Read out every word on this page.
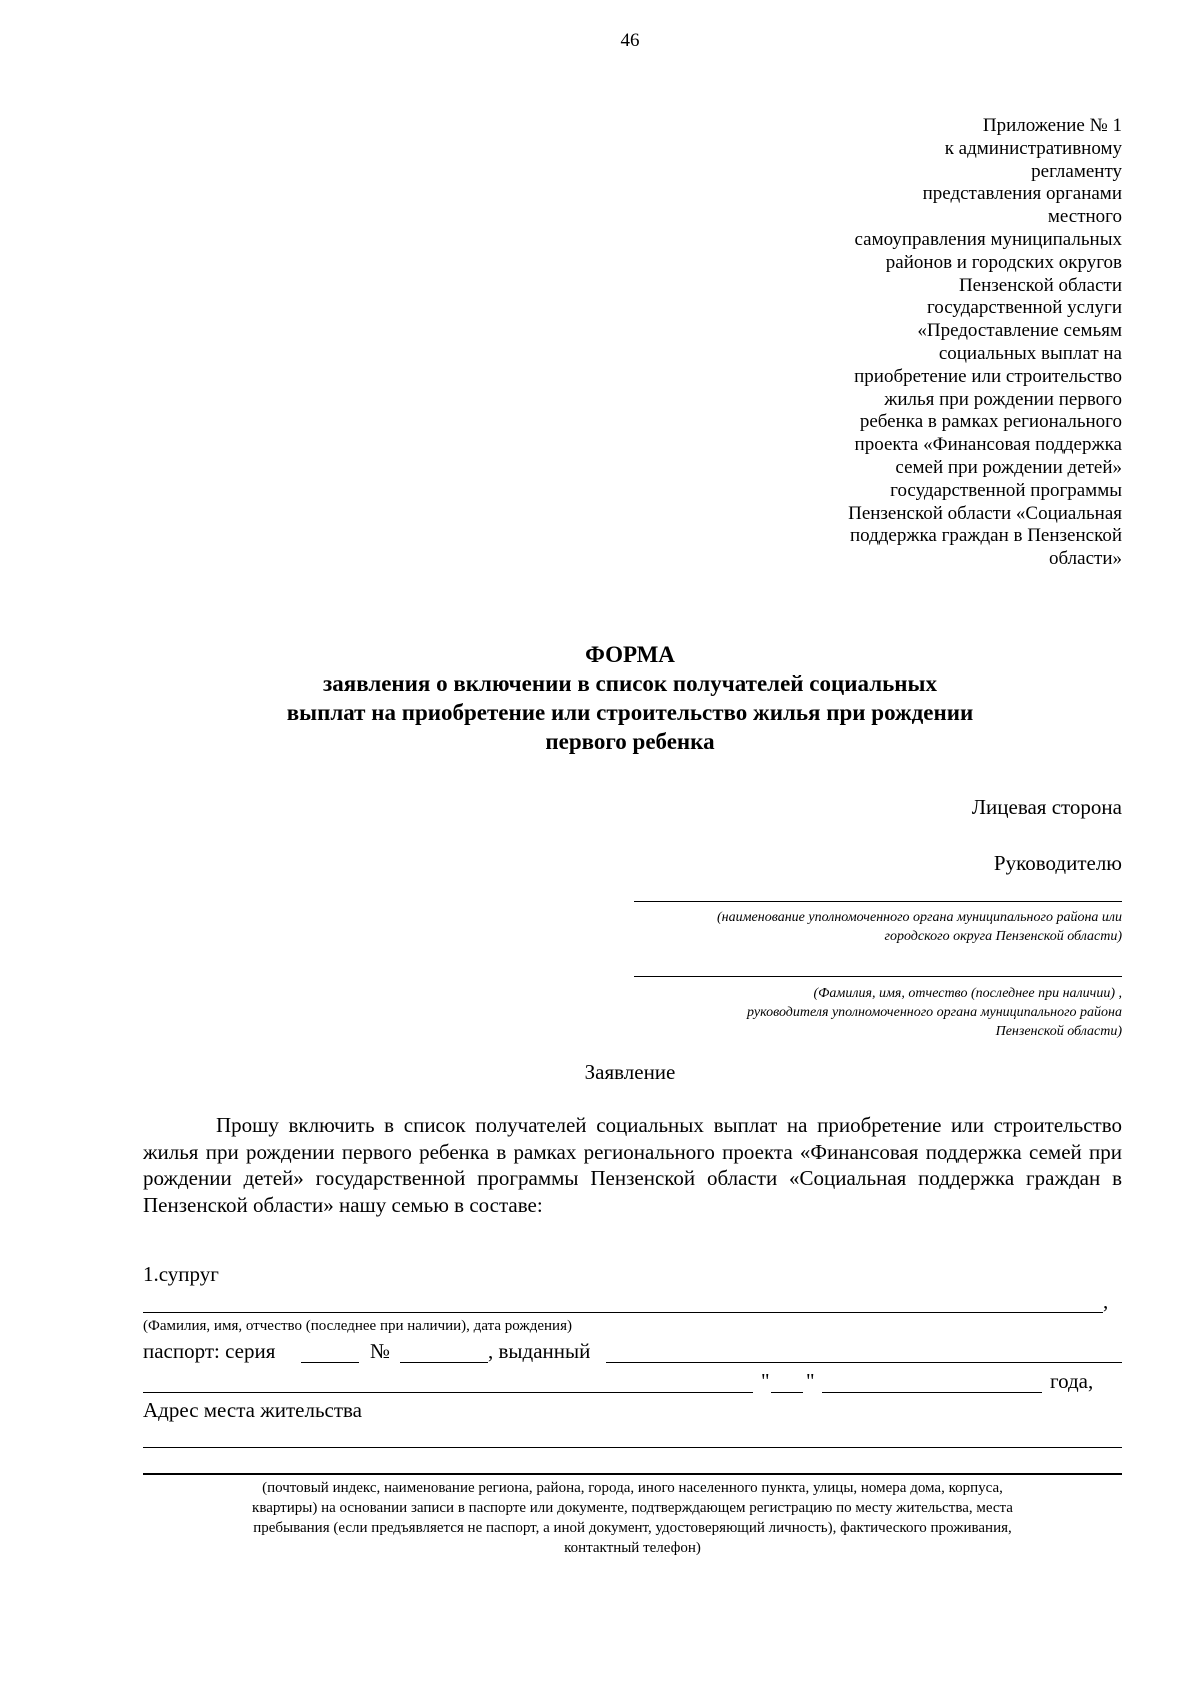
46
Приложение № 1
к административному
регламенту
представления органами
местного
самоуправления муниципальных
районов и городских округов
Пензенской области
государственной услуги
«Предоставление семьям
социальных выплат на
приобретение или строительство
жилья при рождении первого
ребенка в рамках регионального
проекта «Финансовая поддержка
семей при рождении детей»
государственной программы
Пензенской области «Социальная
поддержка граждан в Пензенской
области»
ФОРМА
заявления о включении в список получателей социальных
выплат на приобретение или строительство жилья при рождении
первого ребенка
Лицевая сторона
Руководителю
(наименование уполномоченного органа муниципального района или
городского округа Пензенской области)
(Фамилия, имя, отчество (последнее при наличии) ,
руководителя уполномоченного органа муниципального района
Пензенской области)
Заявление
Прошу включить в список получателей социальных выплат на приобретение или строительство жилья при рождении первого ребенка в рамках регионального проекта «Финансовая поддержка семей при рождении детей» государственной программы Пензенской области «Социальная поддержка граждан в Пензенской области» нашу семью в составе:
1.супруг
,
(Фамилия, имя, отчество (последнее при наличии), дата рождения)
паспорт: серия	№	, выданный
" "	года,
Адрес места жительства
(почтовый индекс, наименование региона, района, города, иного населенного пункта, улицы, номера дома, корпуса,
квартиры) на основании записи в паспорте или документе, подтверждающем регистрацию по месту жительства, места
пребывания (если предъявляется не паспорт, а иной документ, удостоверяющий личность), фактического проживания,
контактный телефон)
